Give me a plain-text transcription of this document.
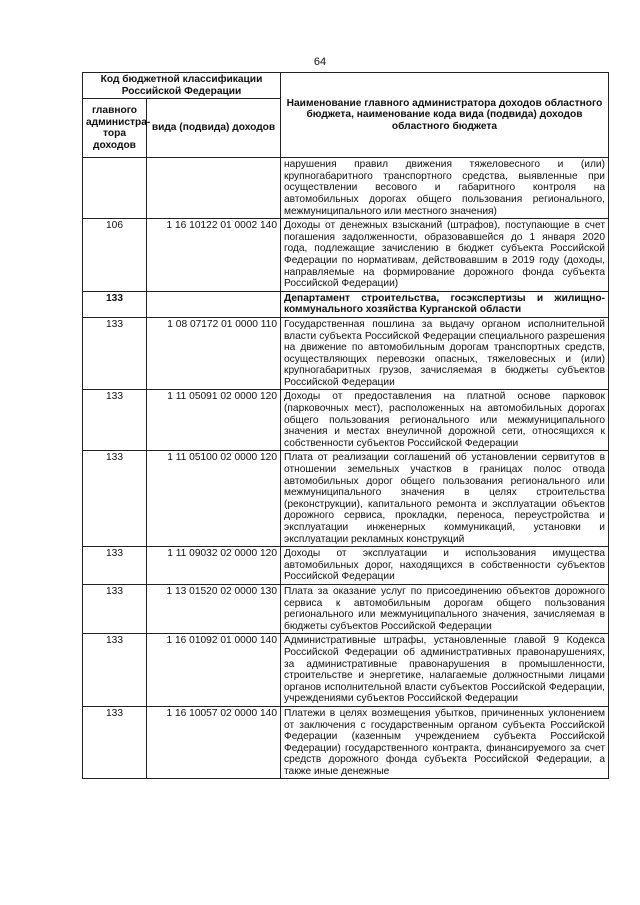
64
Код бюджетной классификации Российской Федерации		Наименование главного администратора доходов областного бюджета, наименование кода вида (подвида) доходов областного бюджета
главного администра-тора доходов	вида (подвида) доходов	
		нарушения правил движения тяжеловесного и (или) крупногабаритного транспортного средства, выявленные при осуществлении весового и габаритного контроля на автомобильных дорогах общего пользования регионального, межмуниципального или местного значения)
106	1 16 10122 01 0002 140	Доходы от денежных взысканий (штрафов), поступающие в счет погашения задолженности, образовавшейся до 1 января 2020 года, подлежащие зачислению в бюджет субъекта Российской Федерации по нормативам, действовавшим в 2019 году (доходы, направляемые на формирование дорожного фонда субъекта Российской Федерации)
133		Департамент строительства, госэкспертизы и жилищно-коммунального хозяйства Курганской области
133	1 08 07172 01 0000 110	Государственная пошлина за выдачу органом исполнительной власти субъекта Российской Федерации специального разрешения на движение по автомобильным дорогам транспортных средств, осуществляющих перевозки опасных, тяжеловесных и (или) крупногабаритных грузов, зачисляемая в бюджеты субъектов Российской Федерации
133	1 11 05091 02 0000 120	Доходы от предоставления на платной основе парковок (парковочных мест), расположенных на автомобильных дорогах общего пользования регионального или межмуниципального значения и местах внеуличной дорожной сети, относящихся к собственности субъектов Российской Федерации
133	1 11 05100 02 0000 120	Плата от реализации соглашений об установлении сервитутов в отношении земельных участков в границах полос отвода автомобильных дорог общего пользования регионального или межмуниципального значения в целях строительства (реконструкции), капитального ремонта и эксплуатации объектов дорожного сервиса, прокладки, переноса, переустройства и эксплуатации инженерных коммуникаций, установки и эксплуатации рекламных конструкций
133	1 11 09032 02 0000 120	Доходы от эксплуатации и использования имущества автомобильных дорог, находящихся в собственности субъектов Российской Федерации
133	1 13 01520 02 0000 130	Плата за оказание услуг по присоединению объектов дорожного сервиса к автомобильным дорогам общего пользования регионального или межмуниципального значения, зачисляемая в бюджеты субъектов Российской Федерации
133	1 16 01092 01 0000 140	Административные штрафы, установленные главой 9 Кодекса Российской Федерации об административных правонарушениях, за административные правонарушения в промышленности, строительстве и энергетике, налагаемые должностными лицами органов исполнительной власти субъектов Российской Федерации, учреждениями субъектов Российской Федерации
133	1 16 10057 02 0000 140	Платежи в целях возмещения убытков, причиненных уклонением от заключения с государственным органом субъекта Российской Федерации (казенным учреждением субъекта Российской Федерации) государственного контракта, финансируемого за счет средств дорожного фонда субъекта Российской Федерации, а также иные денежные
